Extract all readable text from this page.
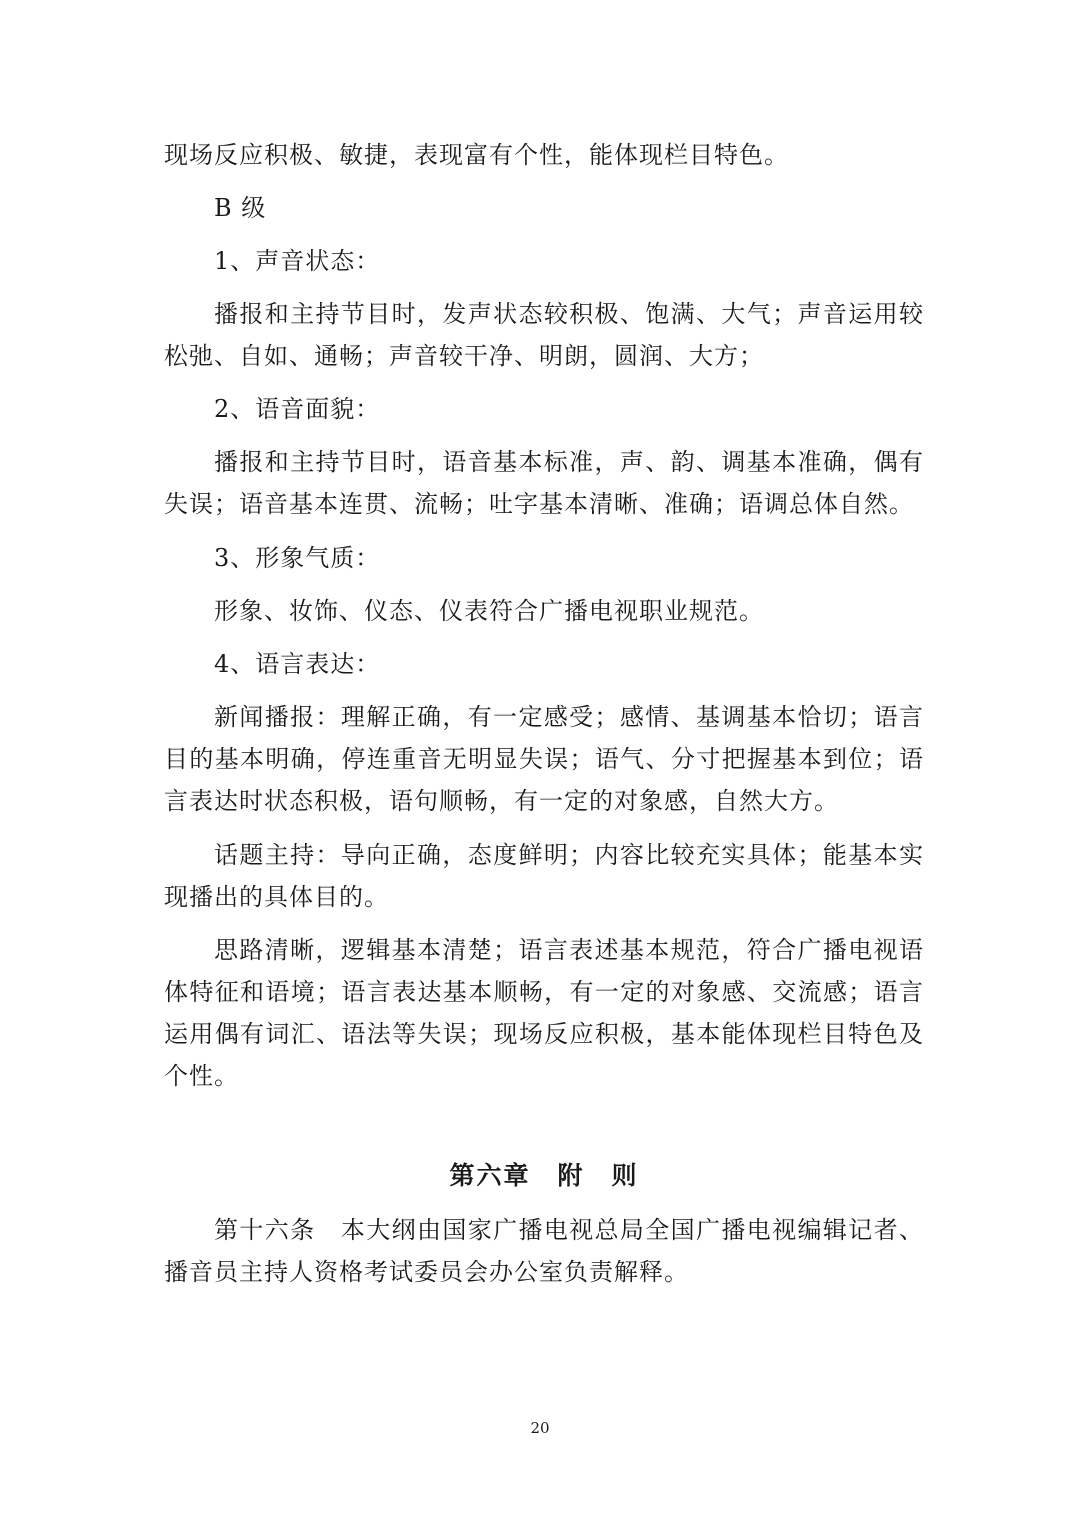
现场反应积极、敏捷，表现富有个性，能体现栏目特色。

B 级

1、声音状态：

播报和主持节目时，发声状态较积极、饱满、大气；声音运用较松弛、自如、通畅；声音较干净、明朗，圆润、大方；

2、语音面貌：

播报和主持节目时，语音基本标准，声、韵、调基本准确，偶有失误；语音基本连贯、流畅；吐字基本清晰、准确；语调总体自然。

3、形象气质：

形象、妆饰、仪态、仪表符合广播电视职业规范。

4、语言表达：

新闻播报：理解正确，有一定感受；感情、基调基本恰切；语言目的基本明确，停连重音无明显失误；语气、分寸把握基本到位；语言表达时状态积极，语句顺畅，有一定的对象感，自然大方。

话题主持：导向正确，态度鲜明；内容比较充实具体；能基本实现播出的具体目的。

思路清晰，逻辑基本清楚；语言表述基本规范，符合广播电视语体特征和语境；语言表达基本顺畅，有一定的对象感、交流感；语言运用偶有词汇、语法等失误；现场反应积极，基本能体现栏目特色及个性。

第六章　附　则

第十六条　本大纲由国家广播电视总局全国广播电视编辑记者、播音员主持人资格考试委员会办公室负责解释。

20
